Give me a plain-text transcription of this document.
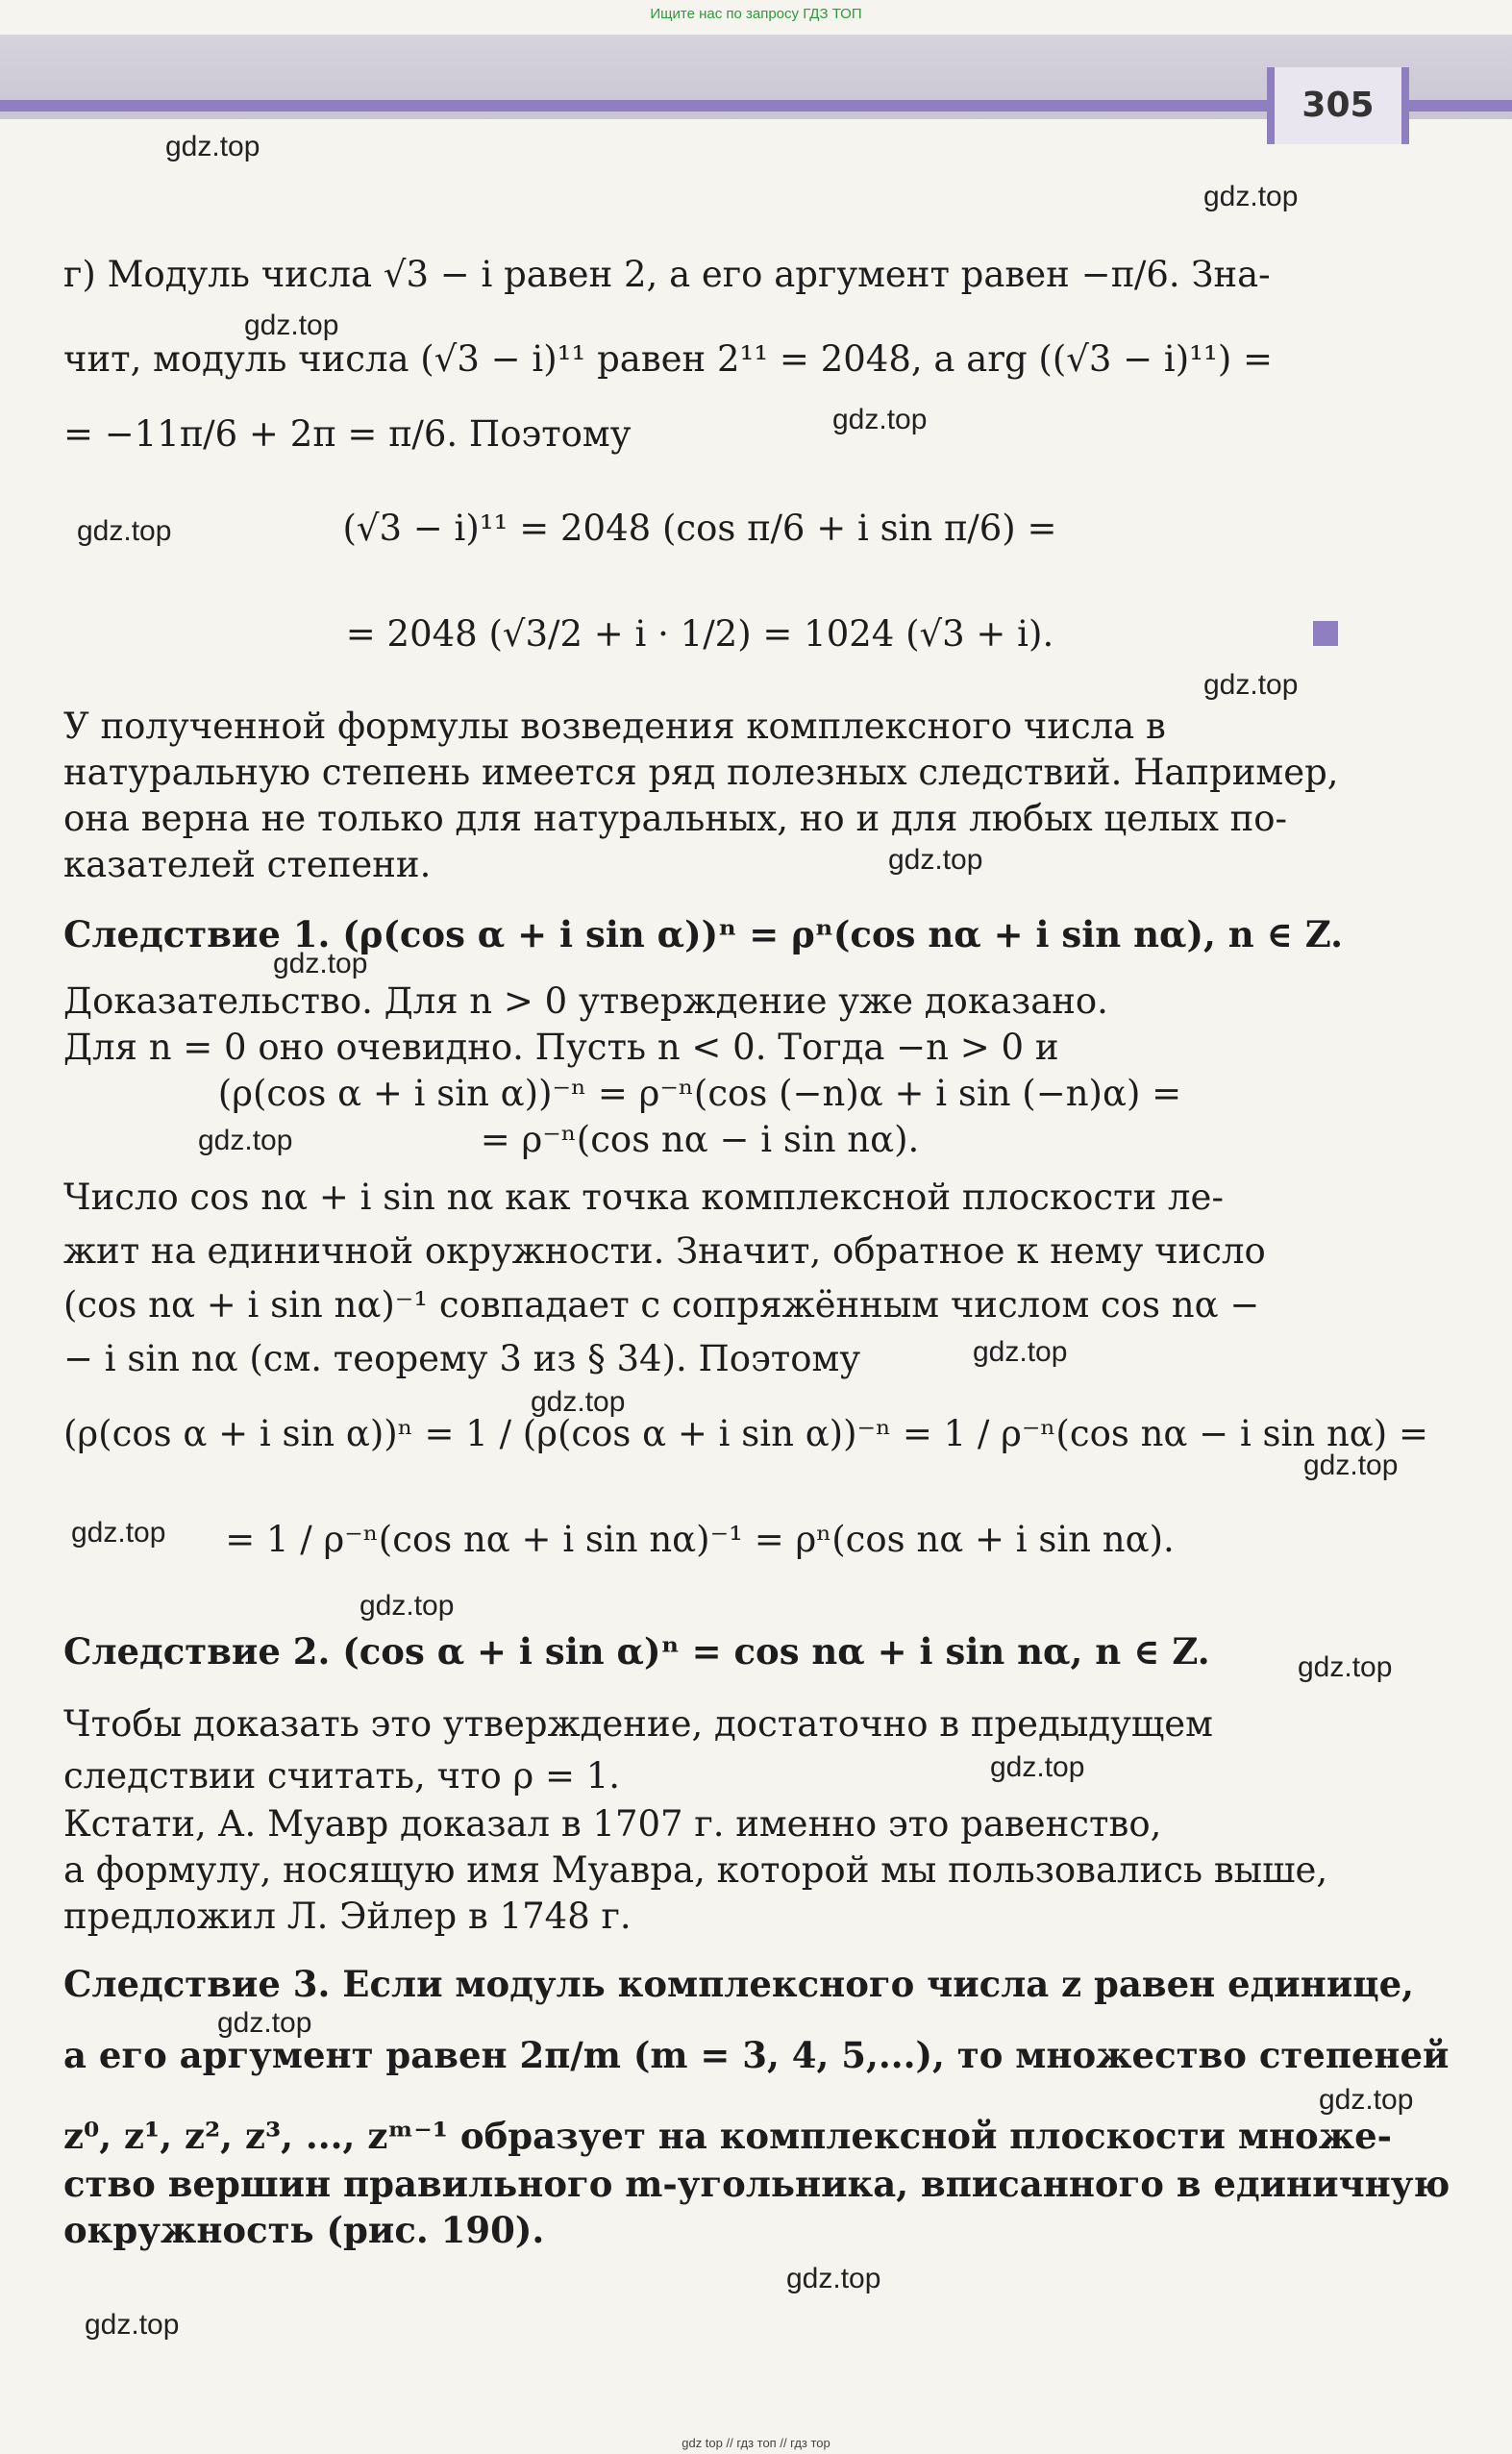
Ищите нас по запросу ГДЗ ТОП
305
г) Модуль числа √3 − i равен 2, а его аргумент равен −π/6. Зна-
чит, модуль числа (√3 − i)¹¹ равен 2¹¹ = 2048, а arg ((√3 − i)¹¹) =
= −11π/6 + 2π = π/6. Поэтому
(√3 − i)¹¹ = 2048 (cos π/6 + i sin π/6) =
= 2048 (√3/2 + i · 1/2) = 1024 (√3 + i).
У полученной формулы возведения комплексного числа в
натуральную степень имеется ряд полезных следствий. Например,
она верна не только для натуральных, но и для любых целых по-
казателей степени.
Следствие 1. (ρ(cos α + i sin α))ⁿ = ρⁿ(cos nα + i sin nα), n ∈ Z.
Доказательство. Для n > 0 утверждение уже доказано.
Для n = 0 оно очевидно. Пусть n < 0. Тогда −n > 0 и
(ρ(cos α + i sin α))⁻ⁿ = ρ⁻ⁿ(cos (−n)α + i sin (−n)α) =
= ρ⁻ⁿ(cos nα − i sin nα).
Число cos nα + i sin nα как точка комплексной плоскости ле-
жит на единичной окружности. Значит, обратное к нему число
(cos nα + i sin nα)⁻¹ совпадает с сопряжённым числом cos nα −
− i sin nα (см. теорему 3 из § 34). Поэтому
(ρ(cos α + i sin α))ⁿ = 1 / (ρ(cos α + i sin α))⁻ⁿ = 1 / ρ⁻ⁿ(cos nα − i sin nα) =
= 1 / ρ⁻ⁿ(cos nα + i sin nα)⁻¹ = ρⁿ(cos nα + i sin nα).
Следствие 2. (cos α + i sin α)ⁿ = cos nα + i sin nα, n ∈ Z.
Чтобы доказать это утверждение, достаточно в предыдущем
следствии считать, что ρ = 1.
Кстати, А. Муавр доказал в 1707 г. именно это равенство,
а формулу, носящую имя Муавра, которой мы пользовались выше,
предложил Л. Эйлер в 1748 г.
Следствие 3. Если модуль комплексного числа z равен единице,
а его аргумент равен 2π/m (m = 3, 4, 5,...), то множество степеней
z⁰, z¹, z², z³, ..., zᵐ⁻¹ образует на комплексной плоскости множе-
ство вершин правильного m-угольника, вписанного в единичную
окружность (рис. 190).
gdz.top
gdz.top
gdz.top
gdz.top
gdz.top
gdz.top
gdz.top
gdz.top
gdz.top
gdz.top
gdz.top
gdz.top
gdz.top
gdz.top
gdz.top
gdz.top
gdz.top
gdz.top
gdz.top
gdz.top
gdz top // гдз топ // гдз тор
